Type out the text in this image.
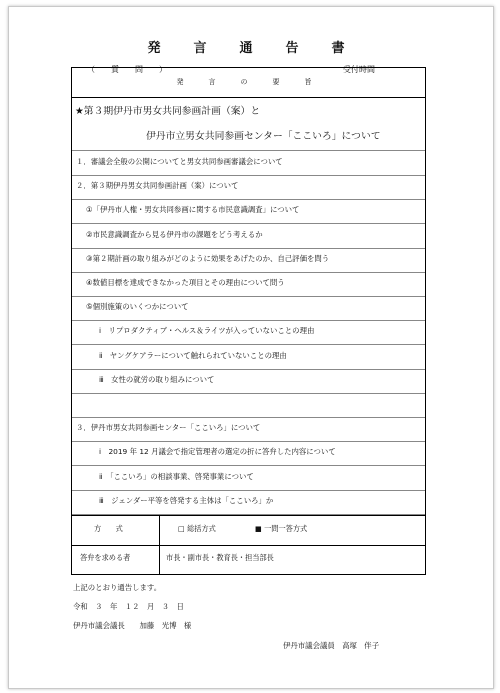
発　言　通　告　書
（　質　問　）	受付時間
発　言　の　要　旨
★第３期伊丹市男女共同参画計画（案）と
伊丹市立男女共同参画センター「ここいろ」について
１．審議会全般の公開についてと男女共同参画審議会について
２．第３期伊丹男女共同参画計画（案）について
①「伊丹市人権・男女共同参画に関する市民意識調査」について
②市民意識調査から見る伊丹市の課題をどう考えるか
③第２期計画の取り組みがどのように効果をあげたのか、自己評価を問う
④数値目標を達成できなかった項目とその理由について問う
⑤個別施策のいくつかについて
ⅰ　リプロダクティブ・ヘルス＆ライツが入っていないことの理由
ⅱ　ヤングケアラーについて触れられていないことの理由
ⅲ　女性の就労の取り組みについて
３．伊丹市男女共同参画センター「ここいろ」について
ⅰ　2019 年 12 月議会で指定管理者の選定の折に答弁した内容について
ⅱ　「ここいろ」の相談事業、啓発事業について
ⅲ　ジェンダー平等を啓発する主体は「ここいろ」か
方　　式	□ 総括方式	■ 一問一答方式
答弁を求める者	市長・副市長・教育長・担当部長
上記のとおり通告します。
令和　３　年　１２　月　３　日
伊丹市議会議長　　加藤　光博　様
伊丹市議会議員　高塚　伴子
